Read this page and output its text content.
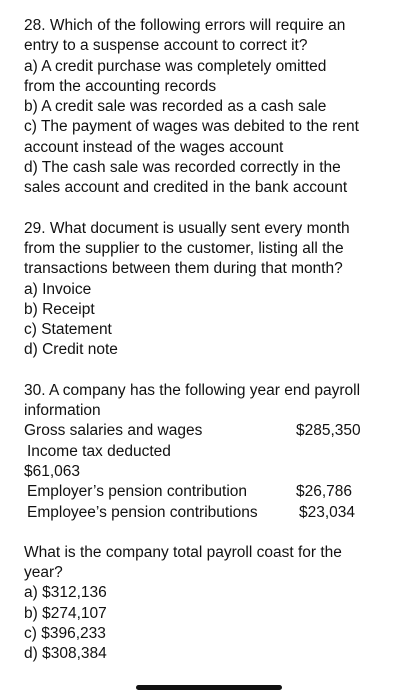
28. Which of the following errors will require an
entry to a suspense account to correct it?
a) A credit purchase was completely omitted
from the accounting records
b) A credit sale was recorded as a cash sale
c) The payment of wages was debited to the rent
account instead of the wages account
d) The cash sale was recorded correctly in the
sales account and credited in the bank account
29. What document is usually sent every month
from the supplier to the customer, listing all the
transactions between them during that month?
a) Invoice
b) Receipt
c) Statement
d) Credit note
30. A company has the following year end payroll
information
Gross salaries and wages	$285,350
Income tax deducted
$61,063
Employer’s pension contribution	$26,786
Employee’s pension contributions	$23,034
What is the company total payroll coast for the
year?
a) $312,136
b) $274,107
c) $396,233
d) $308,384
